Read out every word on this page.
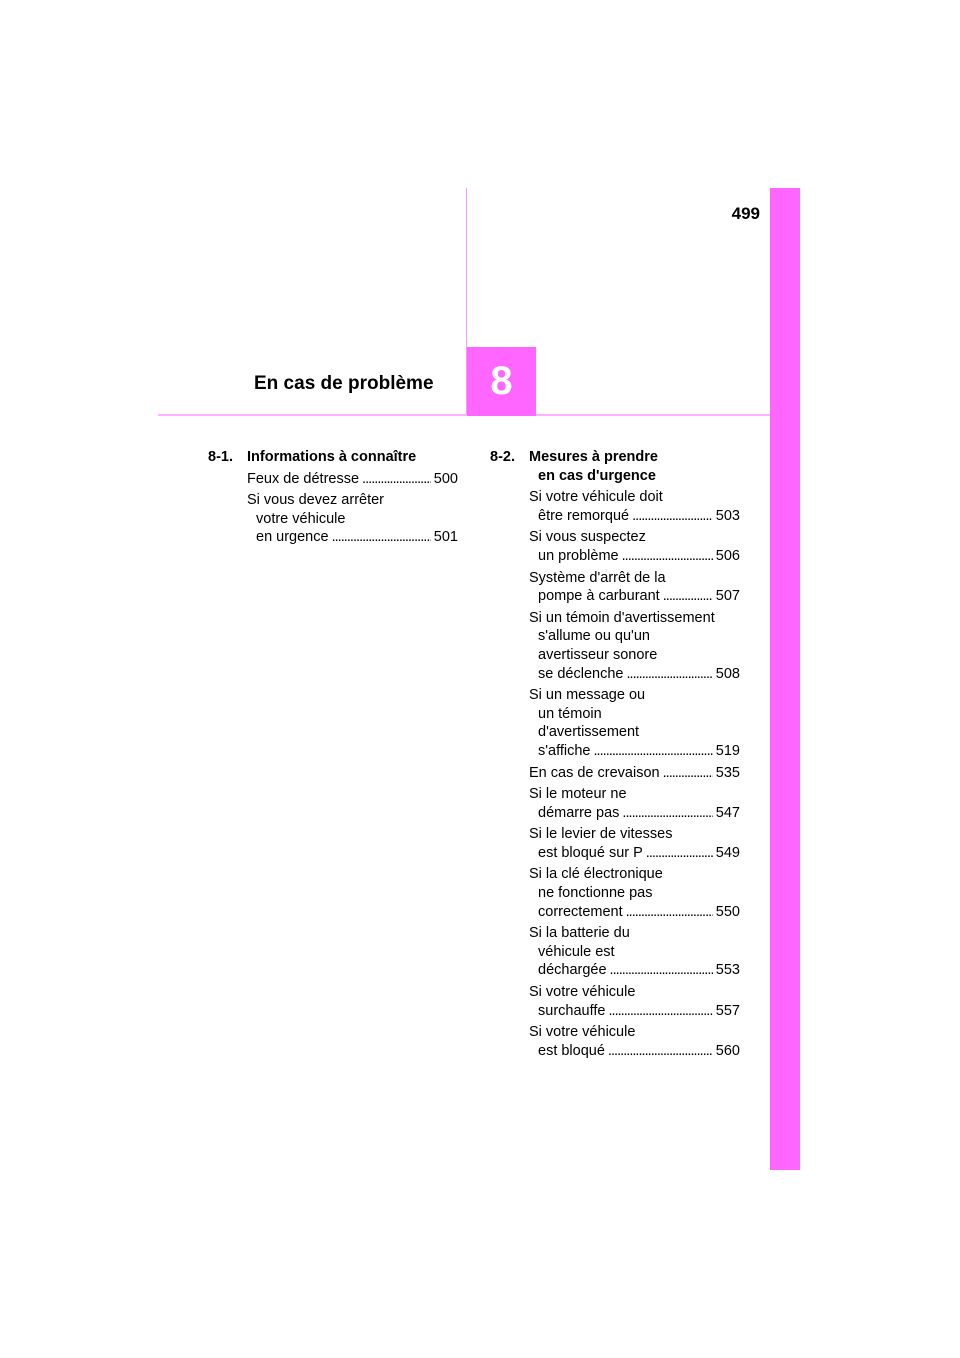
499
En cas de problème	8
8-1. Informations à connaître
Feux de détresse . . .	500
Si vous devez arrêter
votre véhicule
en urgence . . .	501
8-2. Mesures à prendre
en cas d'urgence
Si votre véhicule doit
être remorqué . . .	503
Si vous suspectez
un problème . . .	506
Système d'arrêt de la
pompe à carburant . . .	507
Si un témoin d'avertissement
s'allume ou qu'un
avertisseur sonore
se déclenche . . .	508
Si un message ou
un témoin
d'avertissement
s'affiche . . .	519
En cas de crevaison . . .	535
Si le moteur ne
démarre pas . . .	547
Si le levier de vitesses
est bloqué sur P . . .	549
Si la clé électronique
ne fonctionne pas
correctement . . .	550
Si la batterie du
véhicule est
déchargée . . .	553
Si votre véhicule
surchauffe . . .	557
Si votre véhicule
est bloqué . . .	560
